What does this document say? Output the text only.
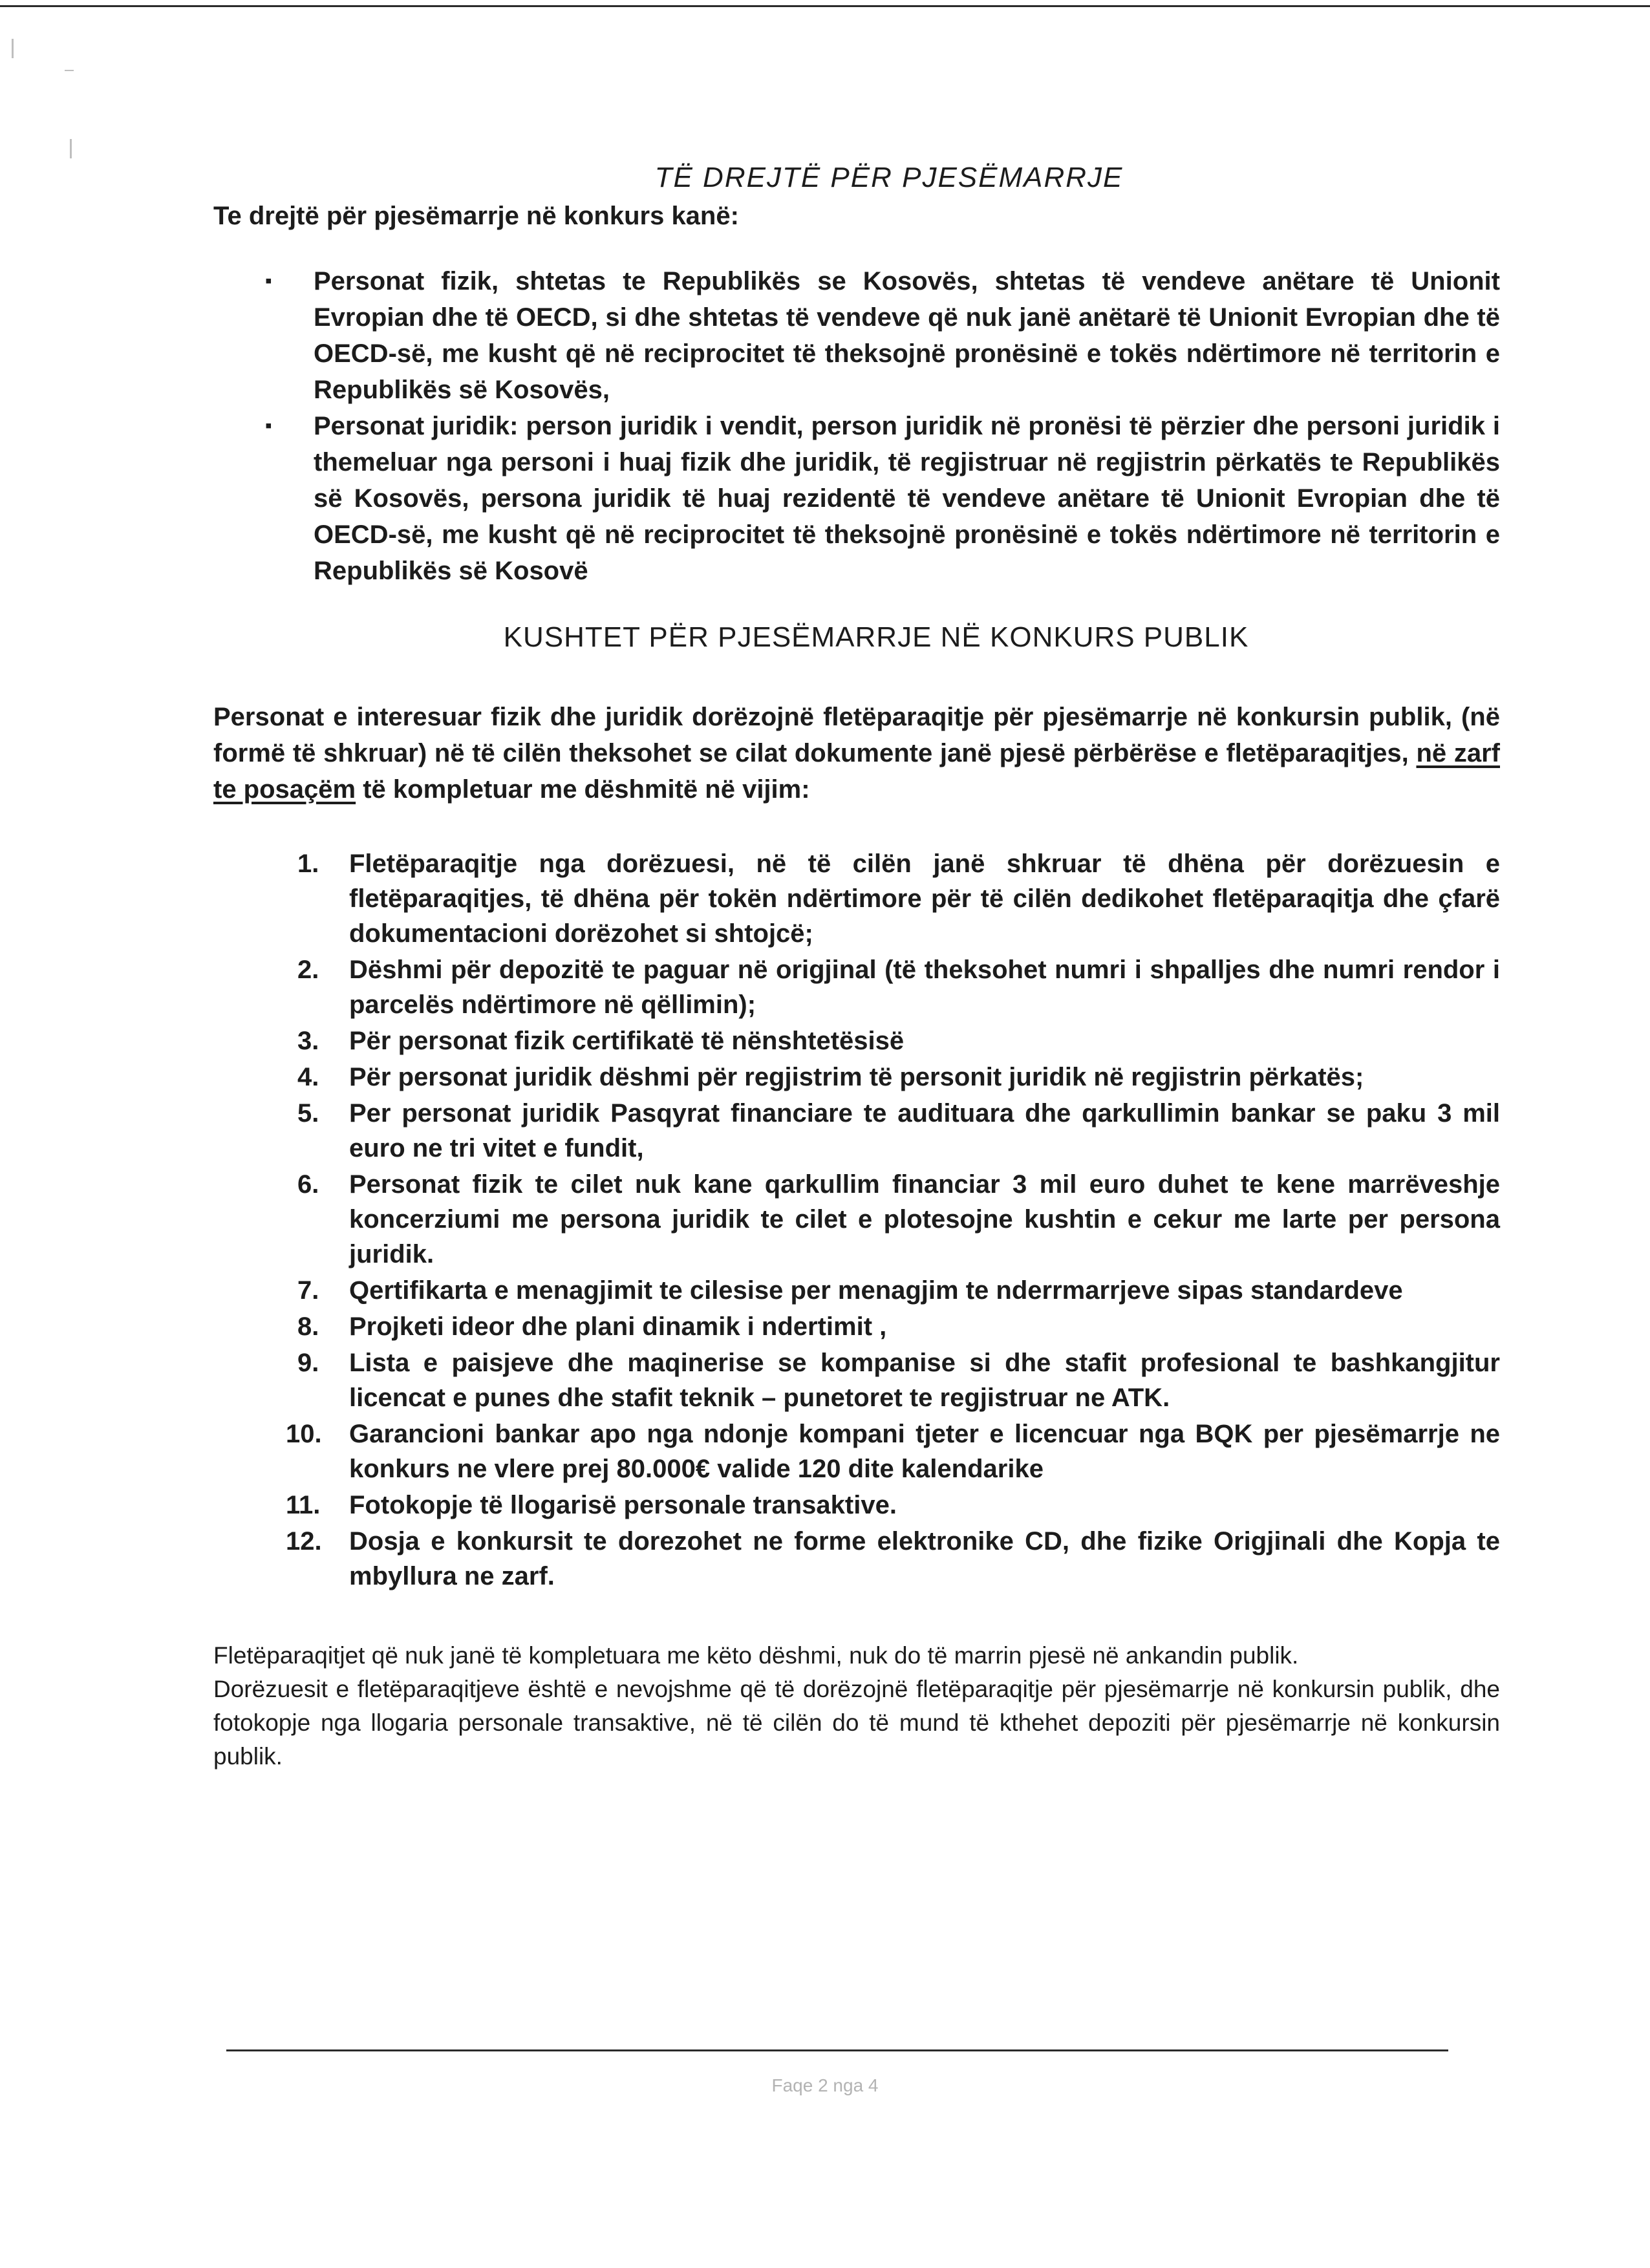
TË DREJTË PËR PJESËMARRJE

Te drejtë për pjesëmarrje në konkurs kanë:

▪ Personat fizik, shtetas te Republikës se Kosovës, shtetas të vendeve anëtare të Unionit Evropian dhe të OECD, si dhe shtetas të vendeve që nuk janë anëtarë të Unionit Evropian dhe të OECD-së, me kusht që në reciprocitet të theksojnë pronësinë e tokës ndërtimore në territorin e Republikës së Kosovës,
▪ Personat juridik: person juridik i vendit, person juridik në pronësi të përzier dhe personi juridik i themeluar nga personi i huaj fizik dhe juridik, të regjistruar në regjistrin përkatës te Republikës së Kosovës, persona juridik të huaj rezidentë të vendeve anëtare të Unionit Evropian dhe të OECD-së, me kusht që në reciprocitet të theksojnë pronësinë e tokës ndërtimore në territorin e Republikës së Kosovë
KUSHTET PËR PJESËMARRJE NË KONKURS PUBLIK

Personat e interesuar fizik dhe juridik dorëzojnë fletëparaqitje për pjesëmarrje në konkursin publik, (në formë të shkruar) në të cilën theksohet se cilat dokumente janë pjesë përbërëse e fletëparaqitjes, në zarf te posaçëm të kompletuar me dëshmitë në vijim:

1.	Fletëparaqitje nga dorëzuesi, në të cilën janë shkruar të dhëna për dorëzuesin e fletëparaqitjes, të dhëna për tokën ndërtimore për të cilën dedikohet fletëparaqitja dhe çfarë dokumentacioni dorëzohet si shtojcë;
2.	Dëshmi për depozitë te paguar në origjinal (të theksohet numri i shpalljes dhe numri rendor i parcelës ndërtimore në qëllimin);
3.	Për personat fizik certifikatë të nënshtetësisë
4.	Për personat juridik dëshmi për regjistrim të personit juridik në regjistrin përkatës;
5.	Per personat juridik Pasqyrat financiare te audituara dhe qarkullimin bankar se paku 3 mil euro ne tri vitet e fundit,
6.	Personat fizik te cilet nuk kane qarkullim financiar 3 mil euro duhet te kene marrëveshje koncerziumi me persona juridik te cilet e plotesojne kushtin e cekur me larte per persona juridik.
7.	Qertifikarta e menagjimit te cilesise per menagjim te nderrmarrjeve sipas standardeve
8.	Projketi ideor dhe plani dinamik i ndertimit ,
9.	Lista e paisjeve dhe maqinerise se kompanise si dhe stafit profesional te bashkangjitur licencat e punes dhe stafit teknik – punetoret te regjistruar ne ATK.
10.	Garancioni bankar apo nga ndonje kompani tjeter e licencuar nga BQK per pjesëmarrje ne konkurs ne vlere prej 80.000€ valide 120 dite kalendarike
11.	Fotokopje të llogarisë personale transaktive.
12.	Dosja e konkursit te dorezohet ne forme elektronike CD, dhe fizike Origjinali dhe Kopja te mbyllura ne zarf.

Fletëparaqitjet që nuk janë të kompletuara me këto dëshmi, nuk do të marrin pjesë në ankandin publik.

Dorëzuesit e fletëparaqitjeve është e nevojshme që të dorëzojnë fletëparaqitje për pjesëmarrje në konkursin publik, dhe fotokopje nga llogaria personale transaktive, në të cilën do të mund të kthehet depoziti për pjesëmarrje në konkursin publik.

Faqe 2 nga 4
